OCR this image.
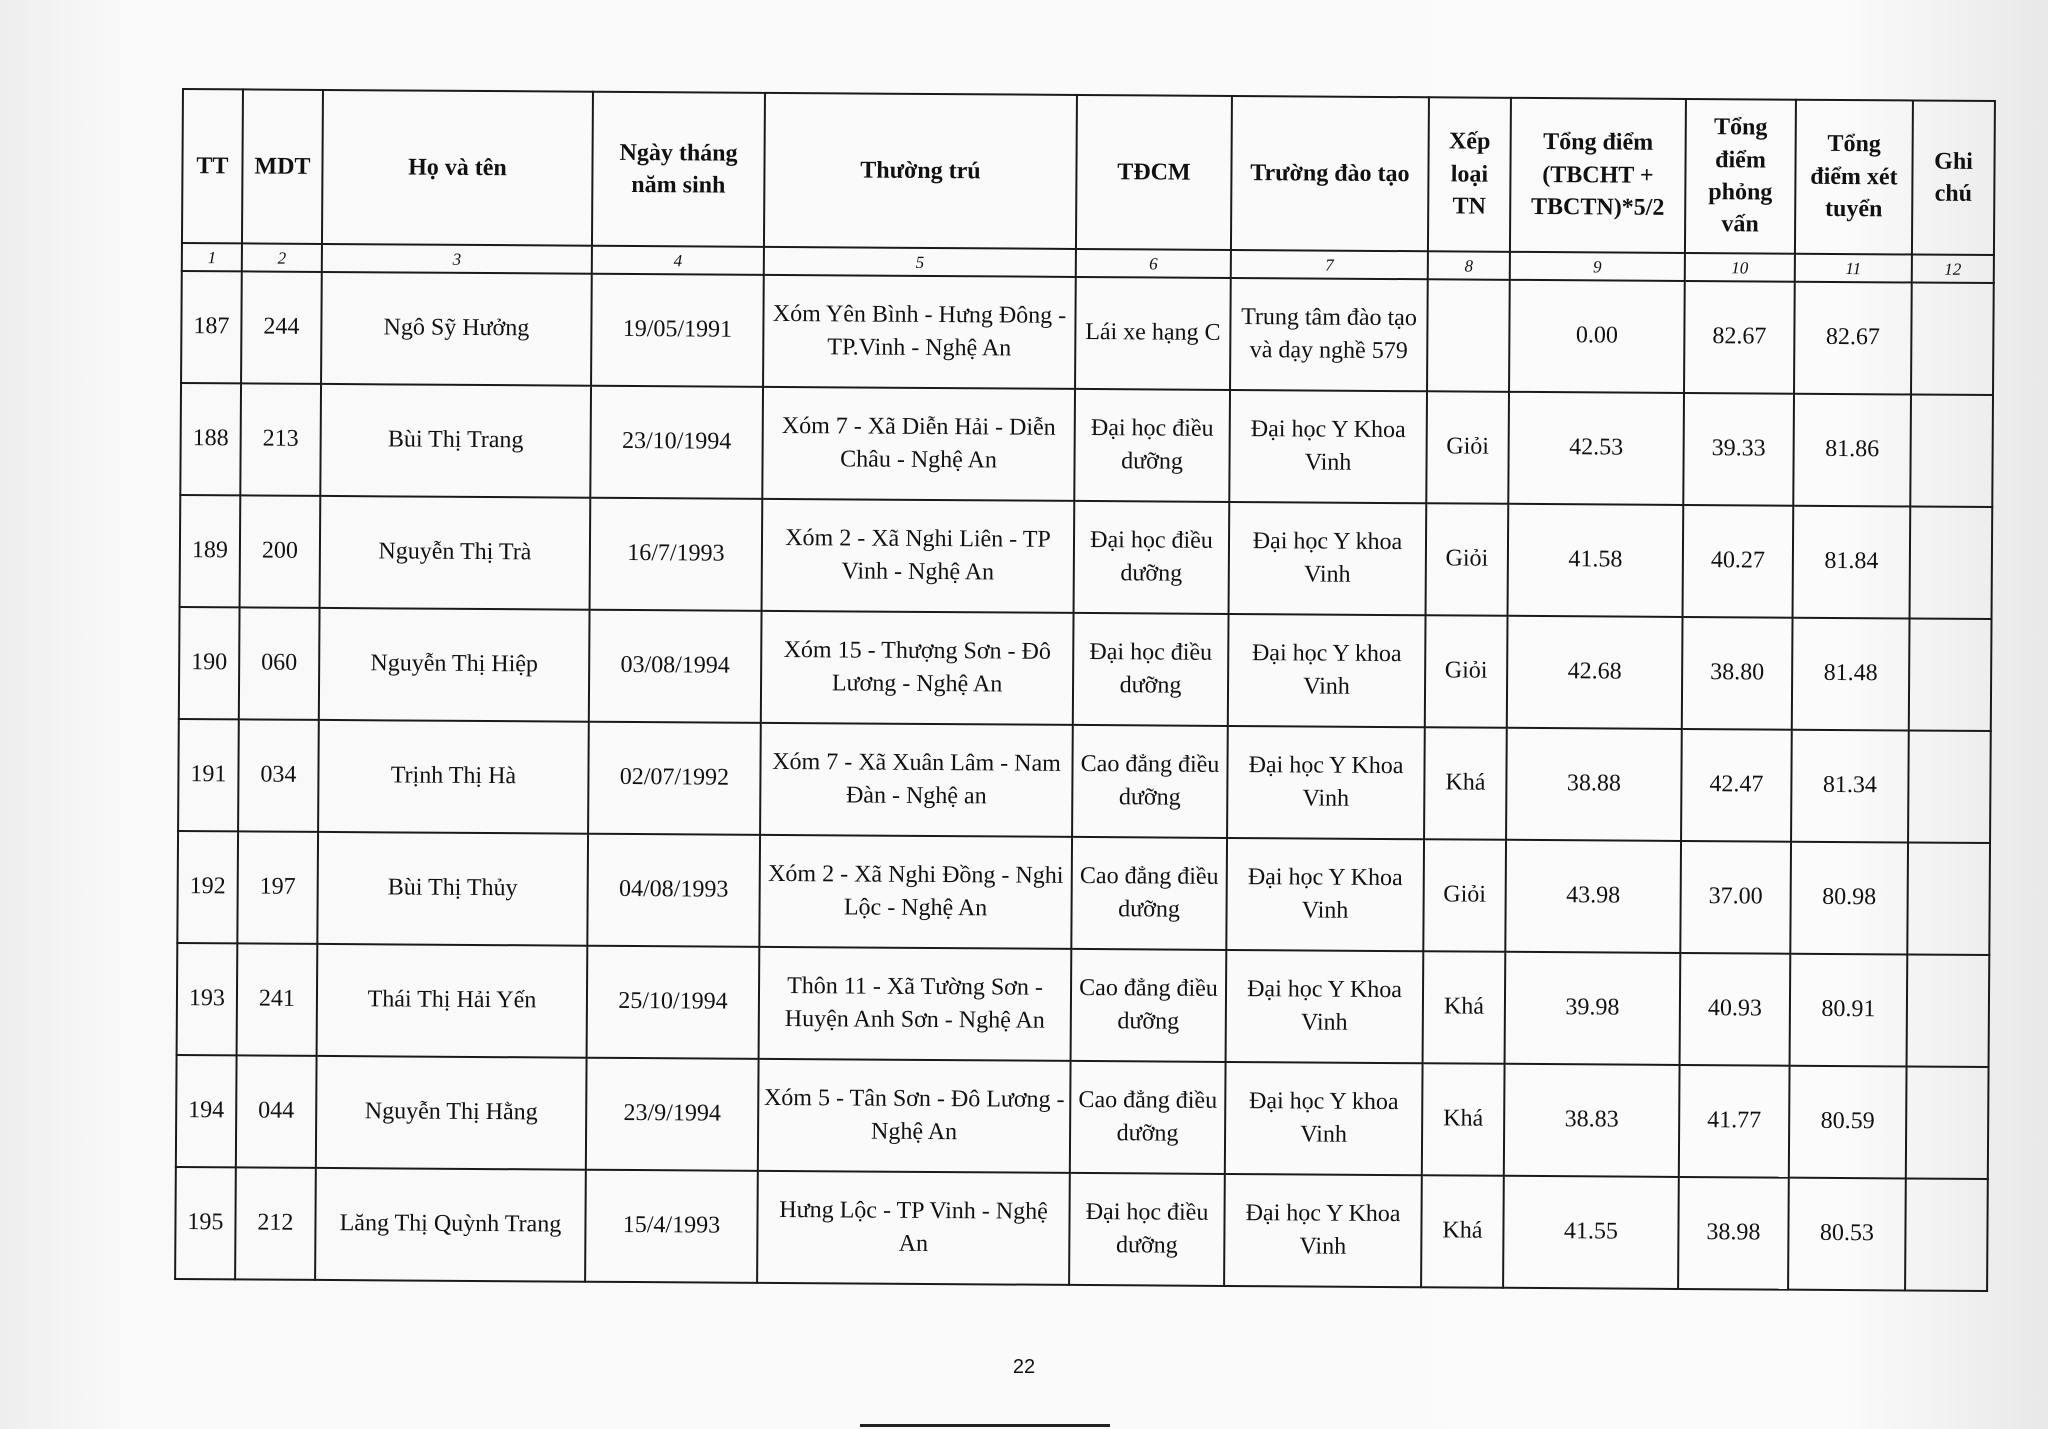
TT	MDT	Họ và tên	Ngày tháng năm sinh	Thường trú	TĐCM	Trường đào tạo	Xếp loại TN	Tổng điểm (TBCHT + TBCTN)*5/2	Tổng điểm phỏng vấn	Tổng điểm xét tuyển	Ghi chú
1	2	3	4	5	6	7	8	9	10	11	12
187	244	Ngô Sỹ Hưởng	19/05/1991	Xóm Yên Bình - Hưng Đông - TP.Vinh - Nghệ An	Lái xe hạng C	Trung tâm đào tạo và dạy nghề 579		0.00	82.67	82.67	
188	213	Bùi Thị Trang	23/10/1994	Xóm 7 - Xã Diễn Hải - Diễn Châu - Nghệ An	Đại học điều dưỡng	Đại học Y Khoa Vinh	Giỏi	42.53	39.33	81.86	
189	200	Nguyễn Thị Trà	16/7/1993	Xóm 2 - Xã Nghi Liên - TP Vinh - Nghệ An	Đại học điều dưỡng	Đại học Y khoa Vinh	Giỏi	41.58	40.27	81.84	
190	060	Nguyễn Thị Hiệp	03/08/1994	Xóm 15 - Thượng Sơn - Đô Lương - Nghệ An	Đại học điều dưỡng	Đại học Y khoa Vinh	Giỏi	42.68	38.80	81.48	
191	034	Trịnh Thị Hà	02/07/1992	Xóm 7 - Xã Xuân Lâm - Nam Đàn - Nghệ an	Cao đẳng điều dưỡng	Đại học Y Khoa Vinh	Khá	38.88	42.47	81.34	
192	197	Bùi Thị Thủy	04/08/1993	Xóm 2 - Xã Nghi Đồng - Nghi Lộc - Nghệ An	Cao đẳng điều dưỡng	Đại học Y Khoa Vinh	Giỏi	43.98	37.00	80.98	
193	241	Thái Thị Hải Yến	25/10/1994	Thôn 11 - Xã Tường Sơn - Huyện Anh Sơn - Nghệ An	Cao đẳng điều dưỡng	Đại học Y Khoa Vinh	Khá	39.98	40.93	80.91	
194	044	Nguyễn Thị Hằng	23/9/1994	Xóm 5 - Tân Sơn - Đô Lương - Nghệ An	Cao đẳng điều dưỡng	Đại học Y khoa Vinh	Khá	38.83	41.77	80.59	
195	212	Lăng Thị Quỳnh Trang	15/4/1993	Hưng Lộc - TP Vinh - Nghệ An	Đại học điều dưỡng	Đại học Y Khoa Vinh	Khá	41.55	38.98	80.53	
22
